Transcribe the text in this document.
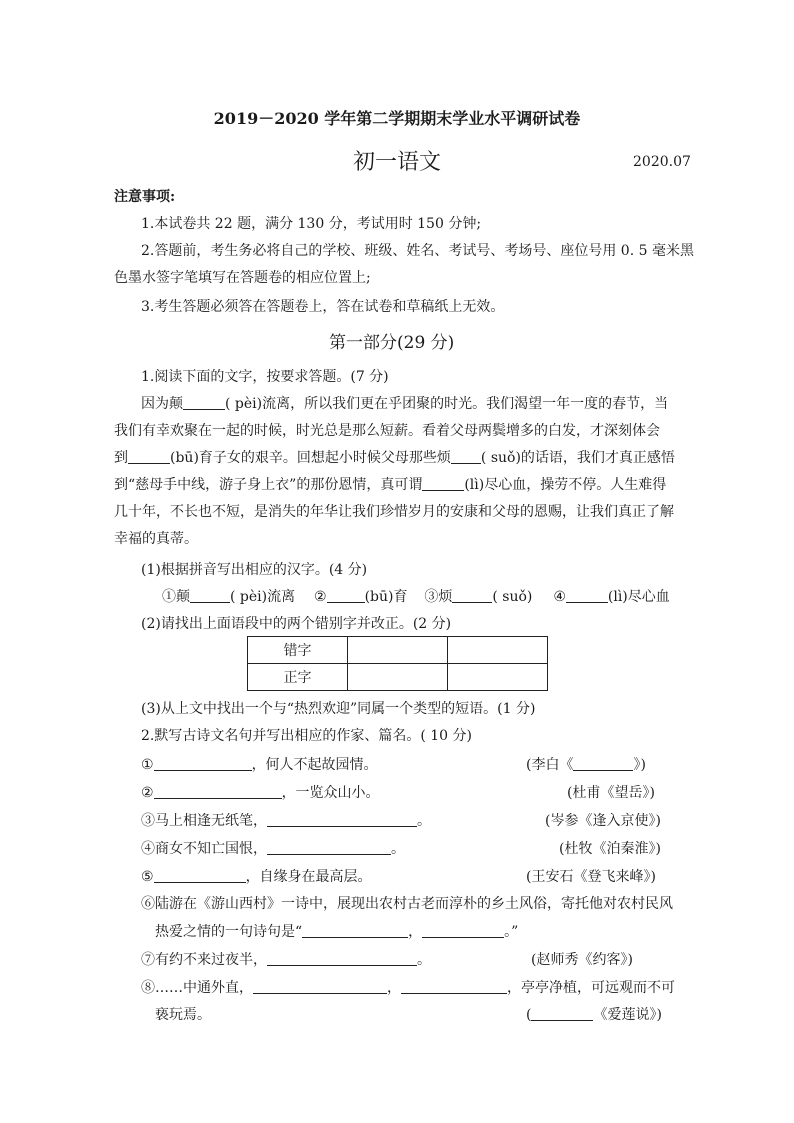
2019－2020 学年第二学期期末学业水平调研试卷
初一语文	2020.07
注意事项:
1.本试卷共 22 题，满分 130 分，考试用时 150 分钟;
2.答题前，考生务必将自己的学校、班级、姓名、考试号、考场号、座位号用 0. 5 毫米黑
色墨水签字笔填写在答题卷的相应位置上;
3.考生答题必须答在答题卷上，答在试卷和草稿纸上无效。
第一部分(29 分)
1.阅读下面的文字，按要求答题。(7 分)
因为颠	( pèi)流离，所以我们更在乎团聚的时光。我们渴望一年一度的春节，当
我们有幸欢聚在一起的时候，时光总是那么短薪。看着父母两鬓增多的白发，才深刻体会
到	(bū)育子女的艰辛。回想起小时候父母那些烦 ( suǒ)的话语，我们才真正感悟
到“慈母手中线，游子身上衣”的那份恩情，真可谓	(lì)尽心血，操劳不停。人生难得
几十年，不长也不短，是消失的年华让我们珍惜岁月的安康和父母的恩赐，让我们真正了解
幸福的真蒂。
(1)根据拼音写出相应的汉字。(4 分)
①颠	( pèi)流离 ②	(bū)育 ③烦	( suǒ) ④	(lì)尽心血
(2)请找出上面语段中的两个错别字并改正。(2 分)
错字		
正字		
(3)从上文中找出一个与“热烈欢迎”同属一个类型的短语。(1 分)
2.默写古诗文名句并写出相应的作家、篇名。( 10 分)
①	，何人不起故园情。	(李白《	》)
②	，一览众山小。	(杜甫《望岳》)
③马上相逢无纸笔，	。	(岑参《逢入京使》)
④商女不知亡国恨，	。	(杜牧《泊秦淮》)
⑤	，自缘身在最高层。	(王安石《登飞来峰》)
⑥陆游在《游山西村》一诗中，展现出农村古老而淳朴的乡土风俗，寄托他对农村民风
热爱之情的一句诗句是“	，	。”
⑦有约不来过夜半，	。	(赵师秀《约客》)
⑧……中通外直，	，	，亭亭净植，可远观而不可
亵玩焉。	(	《爱莲说》)
